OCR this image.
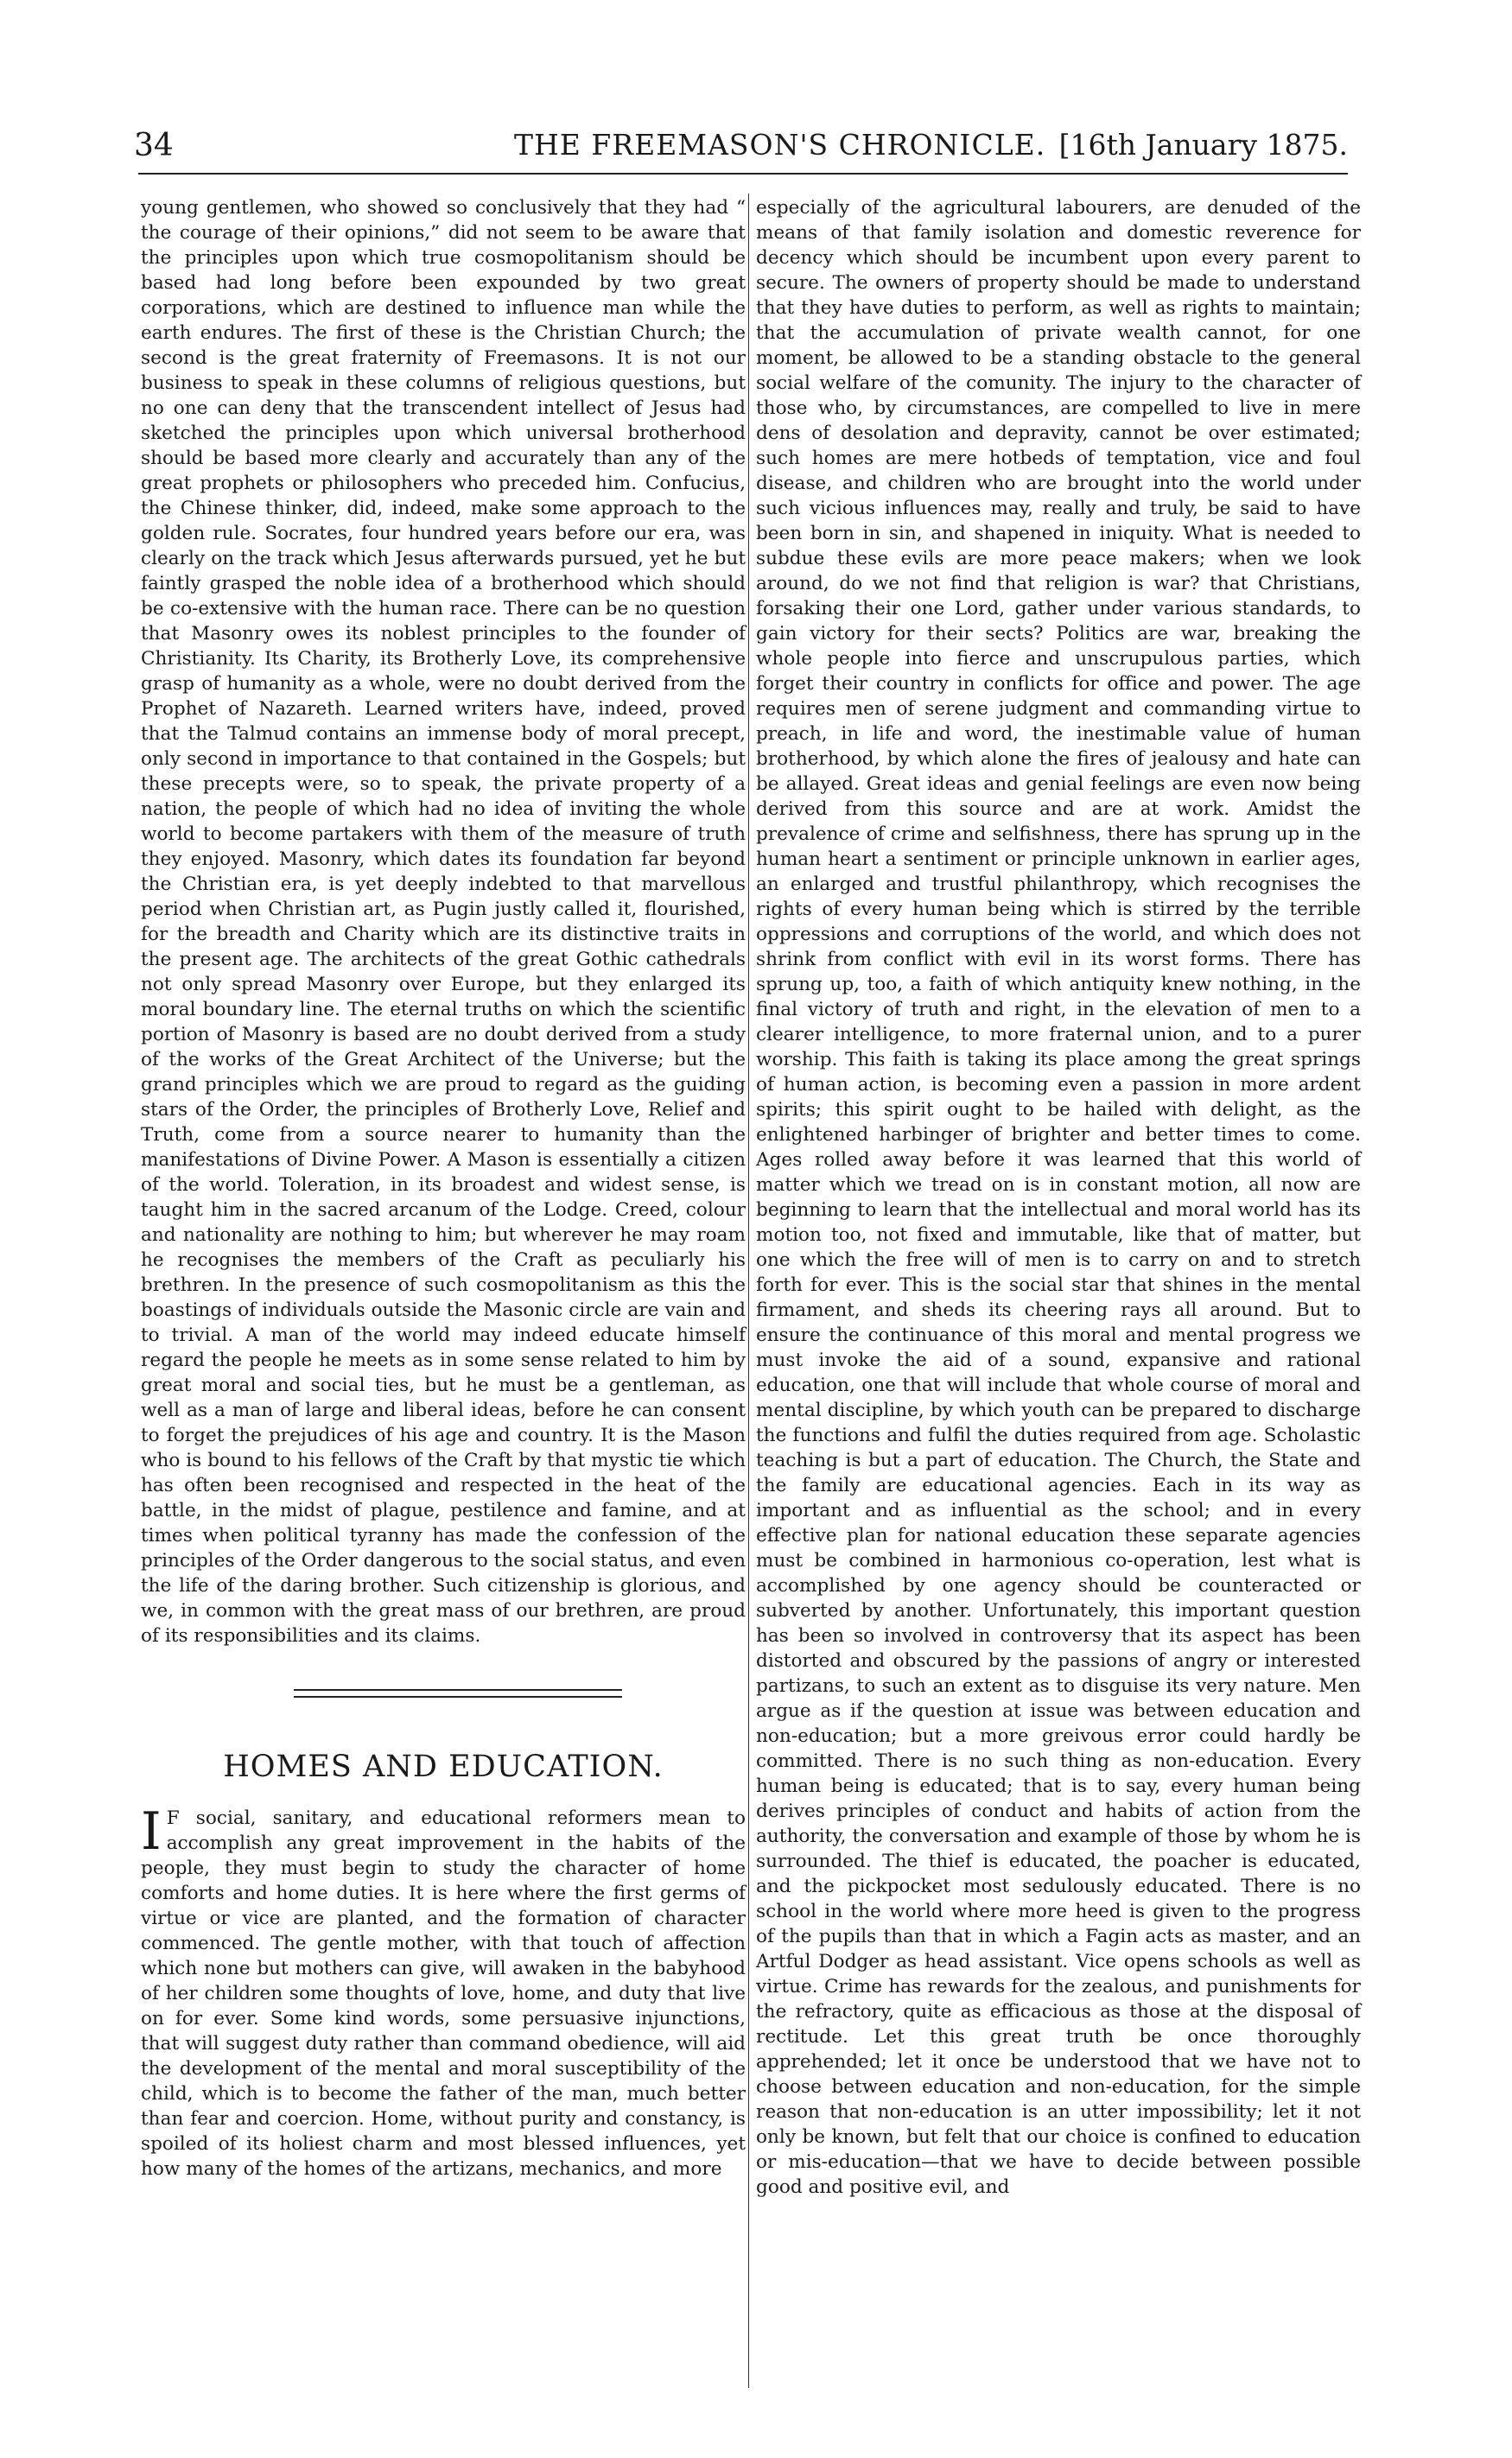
34	THE FREEMASON'S CHRONICLE. [16th January 1875.

young gentlemen, who showed so conclusively that they had “ the courage of their opinions,” did not seem to be aware that the principles upon which true cosmopolitanism should be based had long before been expounded by two great corporations, which are destined to influence man while the earth endures. The first of these is the Christian Church; the second is the great fraternity of Freemasons. It is not our business to speak in these columns of religious questions, but no one can deny that the transcendent intellect of Jesus had sketched the principles upon which universal brotherhood should be based more clearly and accurately than any of the great prophets or philosophers who preceded him. Confucius, the Chinese thinker, did, indeed, make some approach to the golden rule. Socrates, four hundred years before our era, was clearly on the track which Jesus afterwards pursued, yet he but faintly grasped the noble idea of a brotherhood which should be co-extensive with the human race. There can be no question that Masonry owes its noblest principles to the founder of Christianity. Its Charity, its Brotherly Love, its comprehensive grasp of humanity as a whole, were no doubt derived from the Prophet of Nazareth. Learned writers have, indeed, proved that the Talmud contains an immense body of moral precept, only second in importance to that contained in the Gospels; but these precepts were, so to speak, the private property of a nation, the people of which had no idea of inviting the whole world to become partakers with them of the measure of truth they enjoyed. Masonry, which dates its foundation far beyond the Christian era, is yet deeply indebted to that marvellous period when Christian art, as Pugin justly called it, flourished, for the breadth and Charity which are its distinctive traits in the present age. The architects of the great Gothic cathedrals not only spread Masonry over Europe, but they enlarged its moral boundary line. The eternal truths on which the scientific portion of Masonry is based are no doubt derived from a study of the works of the Great Architect of the Universe; but the grand principles which we are proud to regard as the guiding stars of the Order, the principles of Brotherly Love, Relief and Truth, come from a source nearer to humanity than the manifestations of Divine Power. A Mason is essentially a citizen of the world. Toleration, in its broadest and widest sense, is taught him in the sacred arcanum of the Lodge. Creed, colour and nationality are nothing to him; but wherever he may roam he recognises the members of the Craft as peculiarly his brethren. In the presence of such cosmopolitanism as this the boastings of individuals outside the Masonic circle are vain and to trivial. A man of the world may indeed educate himself regard the people he meets as in some sense related to him by great moral and social ties, but he must be a gentleman, as well as a man of large and liberal ideas, before he can consent to forget the prejudices of his age and country. It is the Mason who is bound to his fellows of the Craft by that mystic tie which has often been recognised and respected in the heat of the battle, in the midst of plague, pestilence and famine, and at times when political tyranny has made the confession of the principles of the Order dangerous to the social status, and even the life of the daring brother. Such citizenship is glorious, and we, in common with the great mass of our brethren, are proud of its responsibilities and its claims.

HOMES AND EDUCATION.
I F social, sanitary, and educational reformers mean to accomplish any great improvement in the habits of the people, they must begin to study the character of home comforts and home duties. It is here where the first germs of virtue or vice are planted, and the formation of character commenced. The gentle mother, with that touch of affection which none but mothers can give, will awaken in the babyhood of her children some thoughts of love, home, and duty that live on for ever. Some kind words, some persuasive injunctions, that will suggest duty rather than command obedience, will aid the development of the mental and moral susceptibility of the child, which is to become the father of the man, much better than fear and coercion. Home, without purity and constancy, is spoiled of its holiest charm and most blessed influences, yet how many of the homes of the artizans, mechanics, and more

especially of the agricultural labourers, are denuded of the means of that family isolation and domestic reverence for decency which should be incumbent upon every parent to secure. The owners of property should be made to understand that they have duties to perform, as well as rights to maintain; that the accumulation of private wealth cannot, for one moment, be allowed to be a standing obstacle to the general social welfare of the comunity. The injury to the character of those who, by circumstances, are compelled to live in mere dens of desolation and depravity, cannot be over estimated; such homes are mere hotbeds of temptation, vice and foul disease, and children who are brought into the world under such vicious influences may, really and truly, be said to have been born in sin, and shapened in iniquity. What is needed to subdue these evils are more peace makers; when we look around, do we not find that religion is war? that Christians, forsaking their one Lord, gather under various standards, to gain victory for their sects? Politics are war, breaking the whole people into fierce and unscrupulous parties, which forget their country in conflicts for office and power. The age requires men of serene judgment and commanding virtue to preach, in life and word, the inestimable value of human brotherhood, by which alone the fires of jealousy and hate can be allayed. Great ideas and genial feelings are even now being derived from this source and are at work. Amidst the prevalence of crime and selfishness, there has sprung up in the human heart a sentiment or principle unknown in earlier ages, an enlarged and trustful philanthropy, which recognises the rights of every human being which is stirred by the terrible oppressions and corruptions of the world, and which does not shrink from conflict with evil in its worst forms. There has sprung up, too, a faith of which antiquity knew nothing, in the final victory of truth and right, in the elevation of men to a clearer intelligence, to more fraternal union, and to a purer worship. This faith is taking its place among the great springs of human action, is becoming even a passion in more ardent spirits; this spirit ought to be hailed with delight, as the enlightened harbinger of brighter and better times to come. Ages rolled away before it was learned that this world of matter which we tread on is in constant motion, all now are beginning to learn that the intellectual and moral world has its motion too, not fixed and immutable, like that of matter, but one which the free will of men is to carry on and to stretch forth for ever. This is the social star that shines in the mental firmament, and sheds its cheering rays all around. But to ensure the continuance of this moral and mental progress we must invoke the aid of a sound, expansive and rational education, one that will include that whole course of moral and mental discipline, by which youth can be prepared to discharge the functions and fulfil the duties required from age. Scholastic teaching is but a part of education. The Church, the State and the family are educational agencies. Each in its way as important and as influential as the school; and in every effective plan for national education these separate agencies must be combined in harmonious co-operation, lest what is accomplished by one agency should be counteracted or subverted by another. Unfortunately, this important question has been so involved in controversy that its aspect has been distorted and obscured by the passions of angry or interested partizans, to such an extent as to disguise its very nature. Men argue as if the question at issue was between education and non-education; but a more greivous error could hardly be committed. There is no such thing as non-education. Every human being is educated; that is to say, every human being derives principles of conduct and habits of action from the authority, the conversation and example of those by whom he is surrounded. The thief is educated, the poacher is educated, and the pickpocket most sedulously educated. There is no school in the world where more heed is given to the progress of the pupils than that in which a Fagin acts as master, and an Artful Dodger as head assistant. Vice opens schools as well as virtue. Crime has rewards for the zealous, and punishments for the refractory, quite as efficacious as those at the disposal of rectitude. Let this great truth be once thoroughly apprehended; let it once be understood that we have not to choose between education and non-education, for the simple reason that non-education is an utter impossibility; let it not only be known, but felt that our choice is confined to education or mis-education—that we have to decide between possible good and positive evil, and
